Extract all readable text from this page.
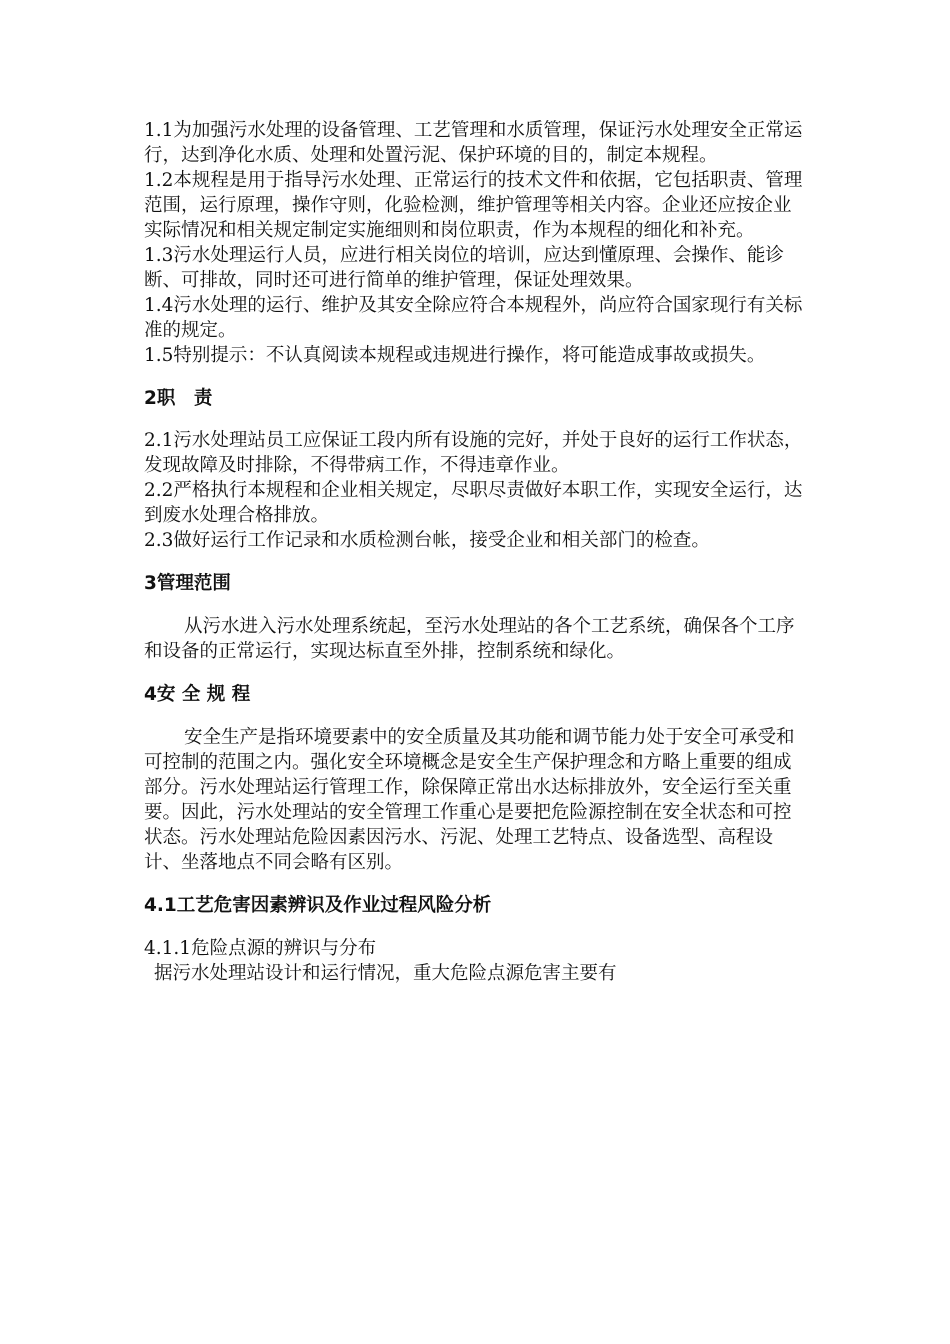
1.1为加强污水处理的设备管理、工艺管理和水质管理，保证污水处理安全正常运行，达到净化水质、处理和处置污泥、保护环境的目的，制定本规程。

1.2本规程是用于指导污水处理、正常运行的技术文件和依据，它包括职责、管理范围，运行原理，操作守则，化验检测，维护管理等相关内容。企业还应按企业实际情况和相关规定制定实施细则和岗位职责，作为本规程的细化和补充。

1.3污水处理运行人员，应进行相关岗位的培训，应达到懂原理、会操作、能诊断、可排故，同时还可进行简单的维护管理，保证处理效果。

1.4污水处理的运行、维护及其安全除应符合本规程外，尚应符合国家现行有关标准的规定。

1.5特别提示：不认真阅读本规程或违规进行操作，将可能造成事故或损失。

2职　责

2.1污水处理站员工应保证工段内所有设施的完好，并处于良好的运行工作状态，发现故障及时排除，不得带病工作，不得违章作业。

2.2严格执行本规程和企业相关规定，尽职尽责做好本职工作，实现安全运行，达到废水处理合格排放。

2.3做好运行工作记录和水质检测台帐，接受企业和相关部门的检查。

3管理范围

从污水进入污水处理系统起，至污水处理站的各个工艺系统，确保各个工序和设备的正常运行，实现达标直至外排，控制系统和绿化。

4安 全 规 程

安全生产是指环境要素中的安全质量及其功能和调节能力处于安全可承受和可控制的范围之内。强化安全环境概念是安全生产保护理念和方略上重要的组成部分。污水处理站运行管理工作，除保障正常出水达标排放外，安全运行至关重要。因此，污水处理站的安全管理工作重心是要把危险源控制在安全状态和可控状态。污水处理站危险因素因污水、污泥、处理工艺特点、设备选型、高程设计、坐落地点不同会略有区别。

4.1工艺危害因素辨识及作业过程风险分析

4.1.1危险点源的辨识与分布

据污水处理站设计和运行情况，重大危险点源危害主要有
